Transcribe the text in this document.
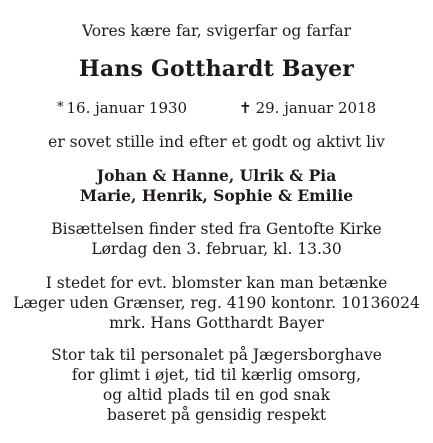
Vores kære far, svigerfar og farfar
Hans Gotthardt Bayer
* 16. januar 1930	✝ 29. januar 2018
er sovet stille ind efter et godt og aktivt liv
Johan & Hanne, Ulrik & Pia
Marie, Henrik, Sophie & Emilie
Bisættelsen finder sted fra Gentofte Kirke
Lørdag den 3. februar, kl. 13.30
I stedet for evt. blomster kan man betænke
Læger uden Grænser, reg. 4190 kontonr. 10136024
mrk. Hans Gotthardt Bayer
Stor tak til personalet på Jægersborghave
for glimt i øjet, tid til kærlig omsorg,
og altid plads til en god snak
baseret på gensidig respekt
